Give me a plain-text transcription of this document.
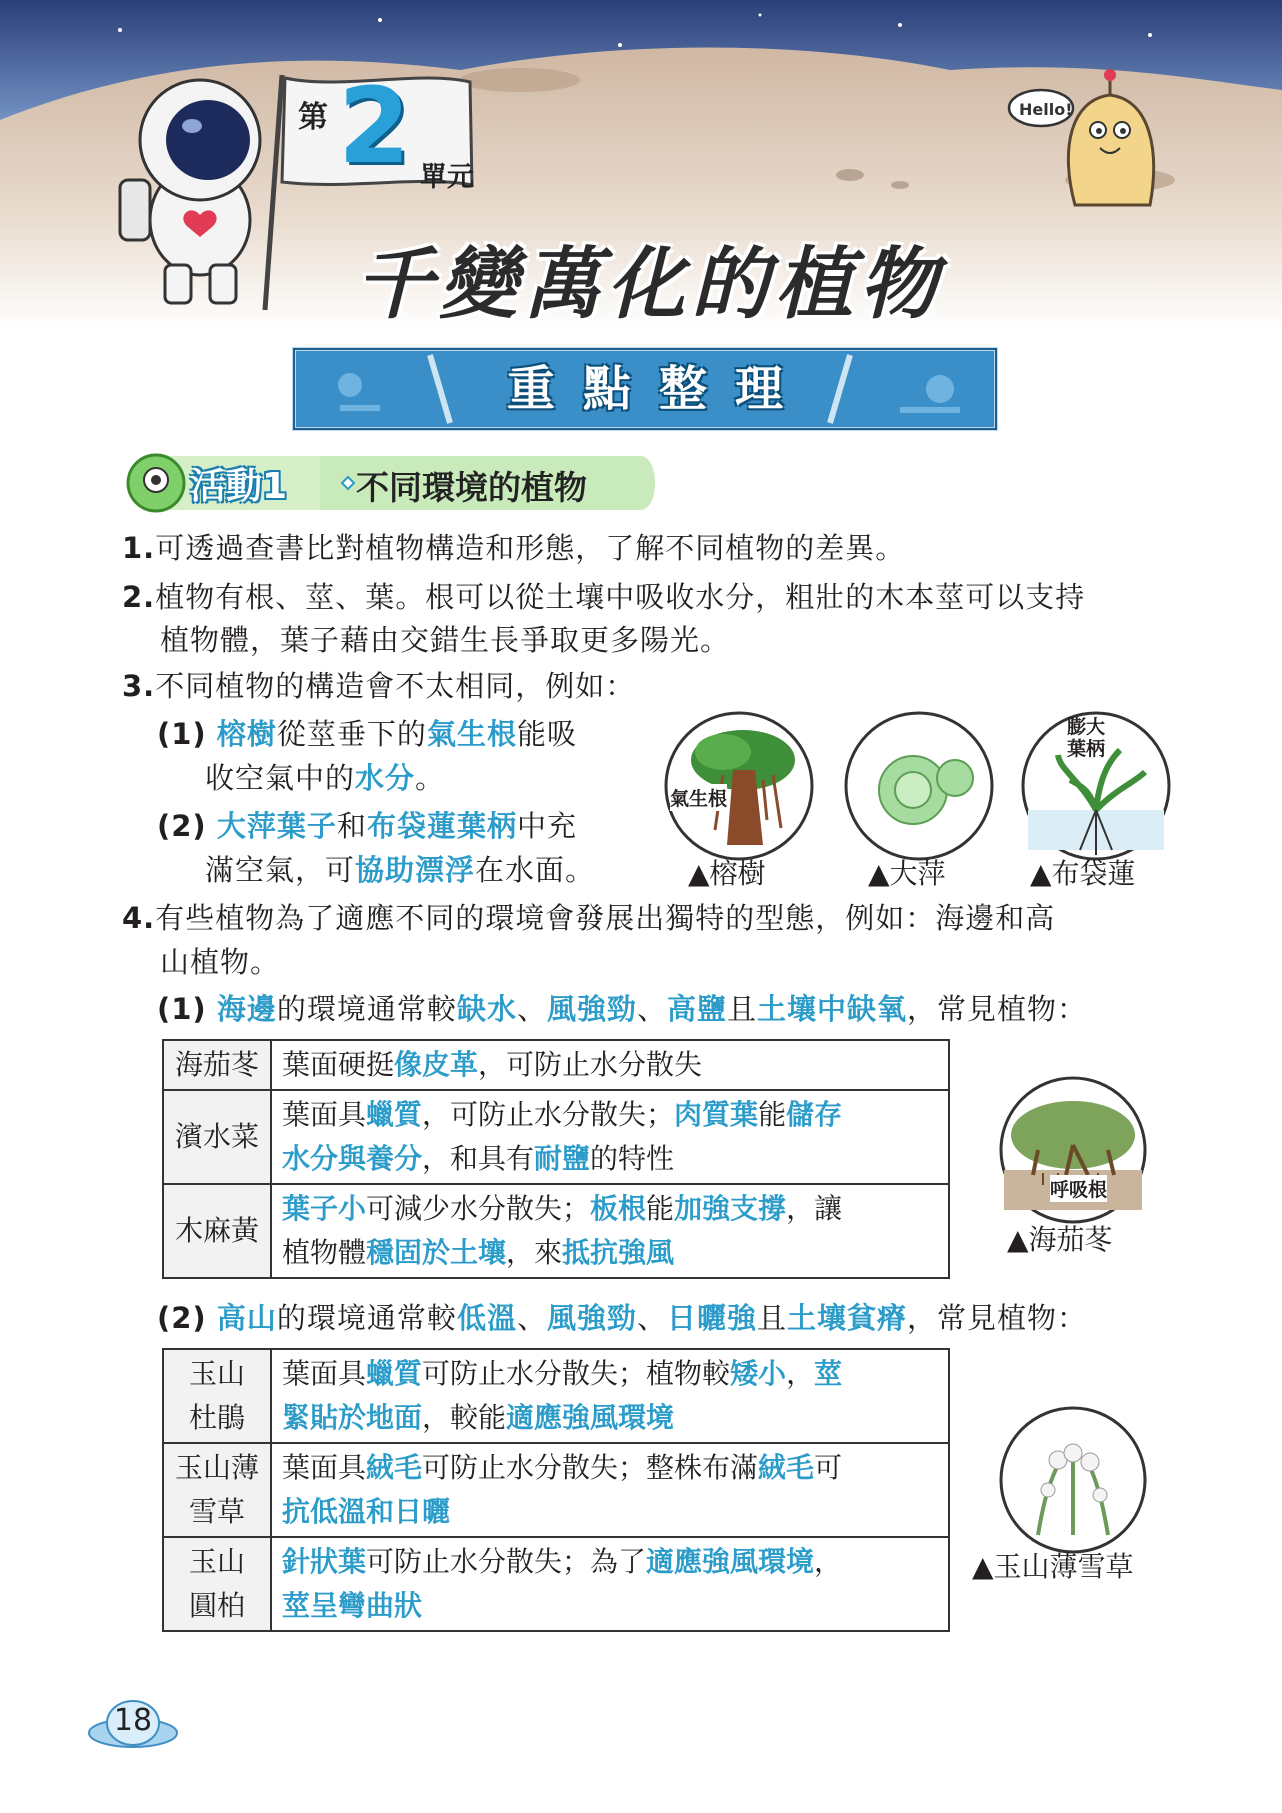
第 2 單元
Hello!
千變萬化的植物
重點整理
活動1 不同環境的植物
1.可透過查書比對植物構造和形態，了解不同植物的差異。
2.植物有根、莖、葉。根可以從土壤中吸收水分，粗壯的木本莖可以支持
植物體，葉子藉由交錯生長爭取更多陽光。
3.不同植物的構造會不太相同，例如：
(1) 榕樹從莖垂下的氣生根能吸
收空氣中的水分。
(2) 大萍葉子和布袋蓮葉柄中充
滿空氣，可協助漂浮在水面。
氣生根
膨大
葉柄
▲榕樹	▲大萍	▲布袋蓮
4.有些植物為了適應不同的環境會發展出獨特的型態，例如：海邊和高
山植物。
(1) 海邊的環境通常較缺水、風強勁、高鹽且土壤中缺氧，常見植物：
海茄苳	葉面硬挺像皮革，可防止水分散失
濱水菜	葉面具蠟質，可防止水分散失；肉質葉能儲存
水分與養分，和具有耐鹽的特性
木麻黃	葉子小可減少水分散失；板根能加強支撐，讓
植物體穩固於土壤，來抵抗強風
呼吸根
▲海茄苳
(2) 高山的環境通常較低溫、風強勁、日曬強且土壤貧瘠，常見植物：
玉山
杜鵑	葉面具蠟質可防止水分散失；植物較矮小，莖
緊貼於地面，較能適應強風環境
玉山薄
雪草	葉面具絨毛可防止水分散失；整株布滿絨毛可
抗低溫和日曬
玉山
圓柏	針狀葉可防止水分散失；為了適應強風環境，
莖呈彎曲狀
▲玉山薄雪草
18
